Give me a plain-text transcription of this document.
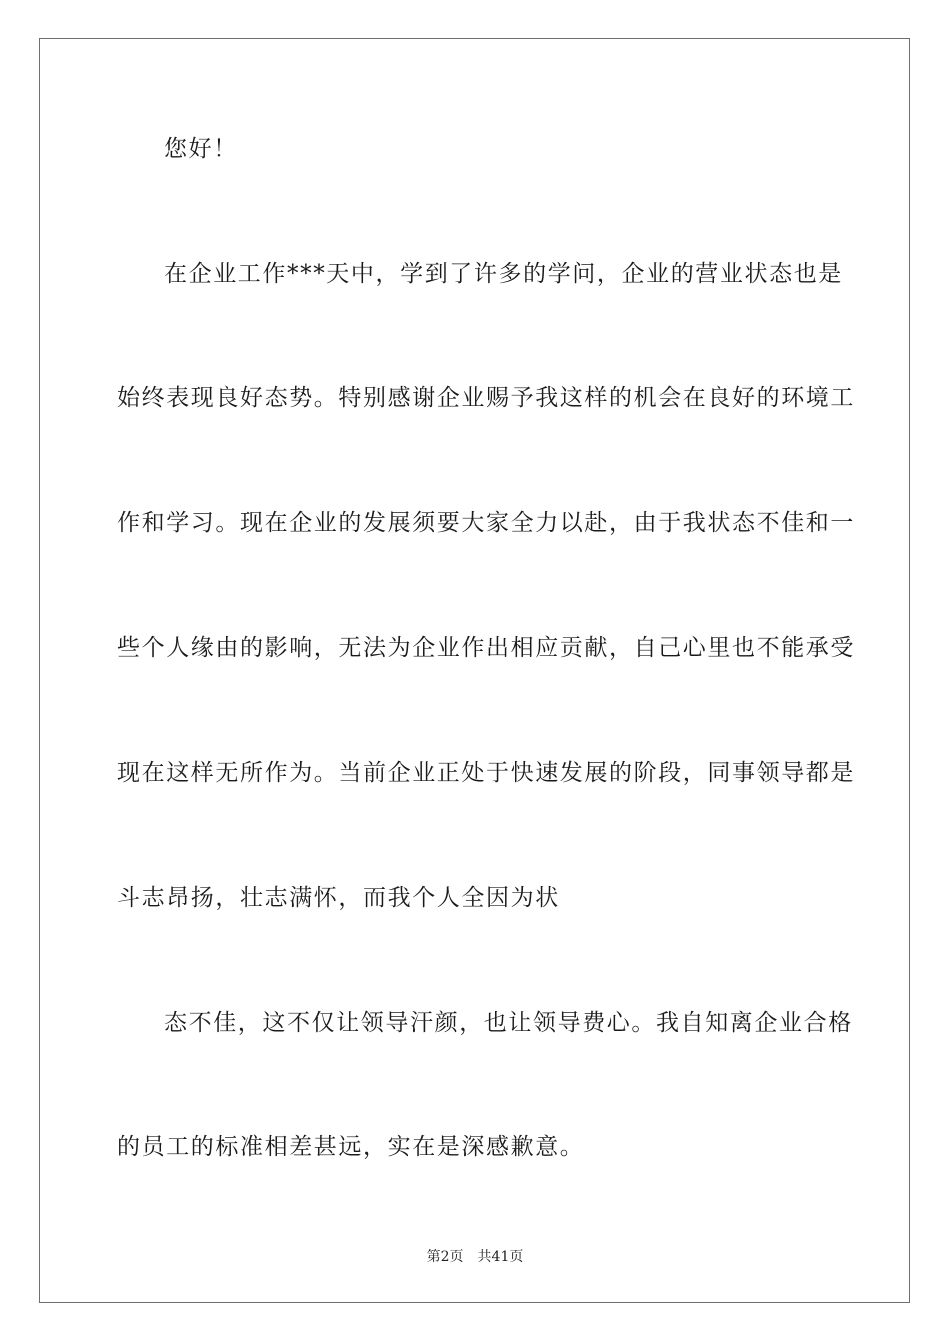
您好！
在企业工作***天中，学到了许多的学问，企业的营业状态也是
始终表现良好态势。特别感谢企业赐予我这样的机会在良好的环境工
作和学习。现在企业的发展须要大家全力以赴，由于我状态不佳和一
些个人缘由的影响，无法为企业作出相应贡献，自己心里也不能承受
现在这样无所作为。当前企业正处于快速发展的阶段，同事领导都是
斗志昂扬，壮志满怀，而我个人全因为状
态不佳，这不仅让领导汗颜，也让领导费心。我自知离企业合格
的员工的标准相差甚远，实在是深感歉意。
第2页 共41页
